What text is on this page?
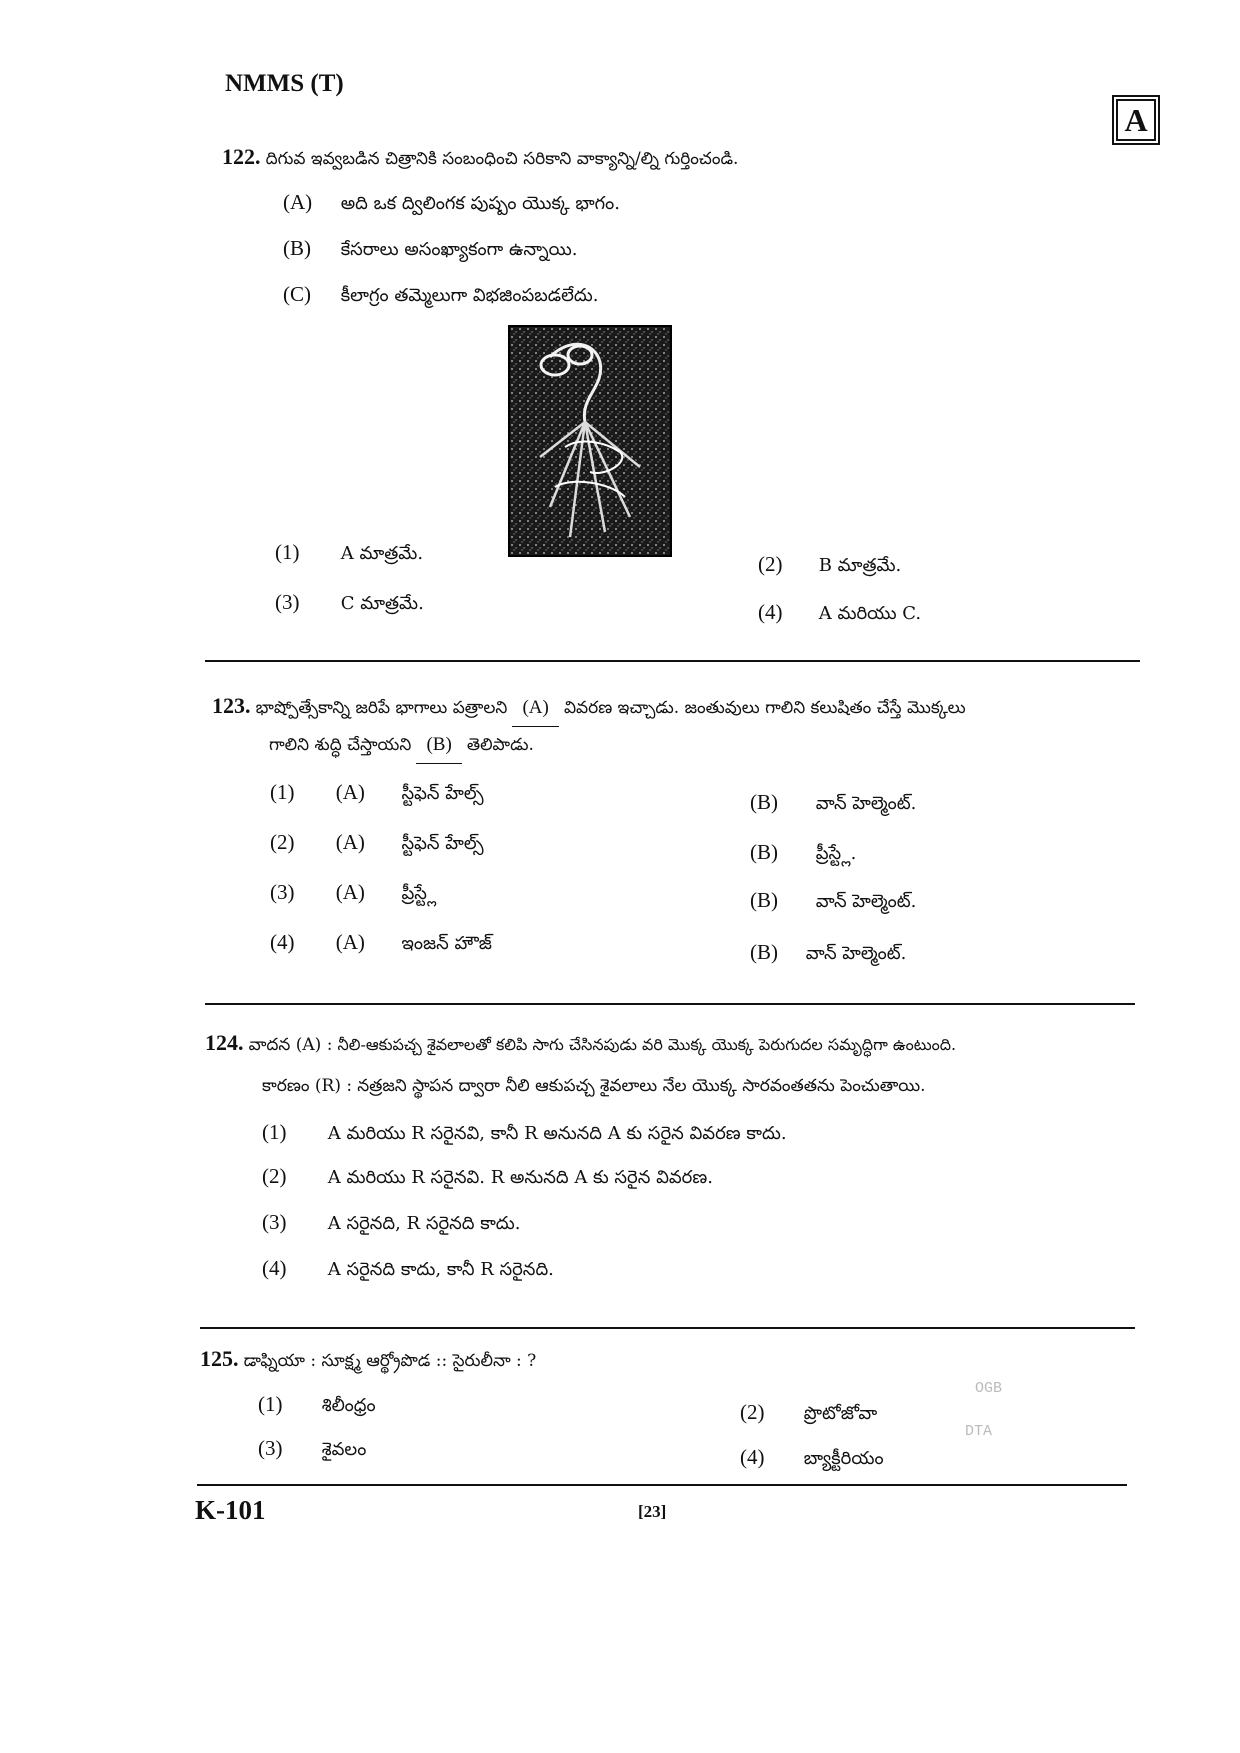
NMMS (T)
A
122. దిగువ ఇవ్వబడిన చిత్రానికి సంబంధించి సరికాని వాక్యాన్ని/ల్ని గుర్తించండి.
(A) అది ఒక ద్విలింగక పుష్పం యొక్క భాగం.
(B) కేసరాలు అసంఖ్యాకంగా ఉన్నాయి.
(C) కీలాగ్రం తమ్మెలుగా విభజింపబడలేదు.
(1) A మాత్రమే.	(2) B మాత్రమే.
(3) C మాత్రమే.	(4) A మరియు C.
123. భాష్పోత్సేకాన్ని జరిపే భాగాలు పత్రాలని (A) వివరణ ఇచ్చాడు. జంతువులు గాలిని కలుషితం చేస్తే మొక్కలు
గాలిని శుద్ధి చేస్తాయని (B) తెలిపాడు.
(1) (A) స్టీఫెన్ హేల్స్	(B) వాన్ హెల్మెంట్.
(2) (A) స్టీఫెన్ హేల్స్	(B) ప్రీస్ట్లే.
(3) (A) ప్రీస్ట్లే	(B) వాన్ హెల్మెంట్.
(4) (A) ఇంజన్ హౌజ్	(B) వాన్ హెల్మెంట్.
124. వాదన (A) : నీలి-ఆకుపచ్చ శైవలాలతో కలిపి సాగు చేసినపుడు వరి మొక్క యొక్క పెరుగుదల సమృద్ధిగా ఉంటుంది.
కారణం (R) : నత్రజని స్థాపన ద్వారా నీలి ఆకుపచ్చ శైవలాలు నేల యొక్క సారవంతతను పెంచుతాయి.
(1) A మరియు R సరైనవి, కానీ R అనునది A కు సరైన వివరణ కాదు.
(2) A మరియు R సరైనవి. R అనునది A కు సరైన వివరణ.
(3) A సరైనది, R సరైనది కాదు.
(4) A సరైనది కాదు, కానీ R సరైనది.
125. డాఫ్నియా : సూక్ష్మ ఆర్థ్రోపొడ :: సైరులీనా : ?
(1) శిలీంధ్రం	(2) ప్రొటోజోవా
(3) శైవలం	(4) బ్యాక్టీరియం
OGB
DTA
K-101	[23]
